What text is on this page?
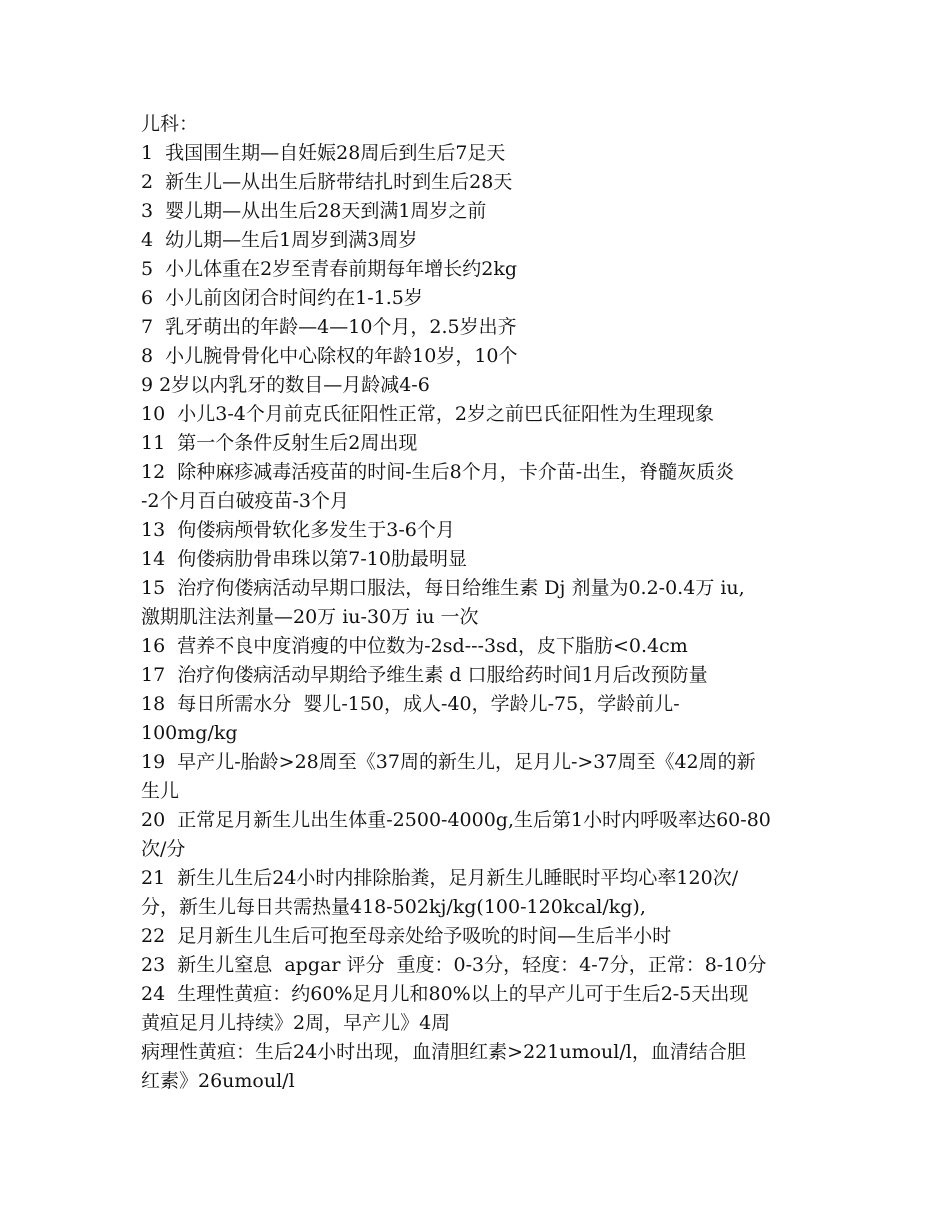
儿科：
1  我国围生期—自妊娠28周后到生后7足天
2  新生儿—从出生后脐带结扎时到生后28天
3  婴儿期—从出生后28天到满1周岁之前
4  幼儿期—生后1周岁到满3周岁
5  小儿体重在2岁至青春前期每年增长约2kg
6  小儿前囟闭合时间约在1-1.5岁
7  乳牙萌出的年龄—4—10个月，2.5岁出齐
8  小儿腕骨骨化中心除权的年龄10岁，10个
9 2岁以内乳牙的数目—月龄减4-6
10  小儿3-4个月前克氏征阳性正常，2岁之前巴氏征阳性为生理现象
11  第一个条件反射生后2周出现
12  除种麻疹减毒活疫苗的时间-生后8个月，卡介苗-出生，脊髓灰质炎
-2个月百白破疫苗-3个月
13  佝偻病颅骨软化多发生于3-6个月
14  佝偻病肋骨串珠以第7-10肋最明显
15  治疗佝偻病活动早期口服法，每日给维生素 Dj 剂量为0.2-0.4万 iu,
激期肌注法剂量—20万 iu-30万 iu 一次
16  营养不良中度消瘦的中位数为-2sd---3sd，皮下脂肪<0.4cm
17  治疗佝偻病活动早期给予维生素 d 口服给药时间1月后改预防量
18  每日所需水分  婴儿-150，成人-40，学龄儿-75，学龄前儿-
100mg/kg
19  早产儿-胎龄>28周至《37周的新生儿，足月儿->37周至《42周的新
生儿
20  正常足月新生儿出生体重-2500-4000g,生后第1小时内呼吸率达60-80
次/分
21  新生儿生后24小时内排除胎粪，足月新生儿睡眠时平均心率120次/
分，新生儿每日共需热量418-502kj/kg(100-120kcal/kg),
22  足月新生儿生后可抱至母亲处给予吸吮的时间—生后半小时
23  新生儿窒息  apgar 评分  重度：0-3分，轻度：4-7分，正常：8-10分
24  生理性黄疸：约60%足月儿和80%以上的早产儿可于生后2-5天出现
黄疸足月儿持续》2周，早产儿》4周
病理性黄疸：生后24小时出现，血清胆红素>221umoul/l，血清结合胆
红素》26umoul/l
